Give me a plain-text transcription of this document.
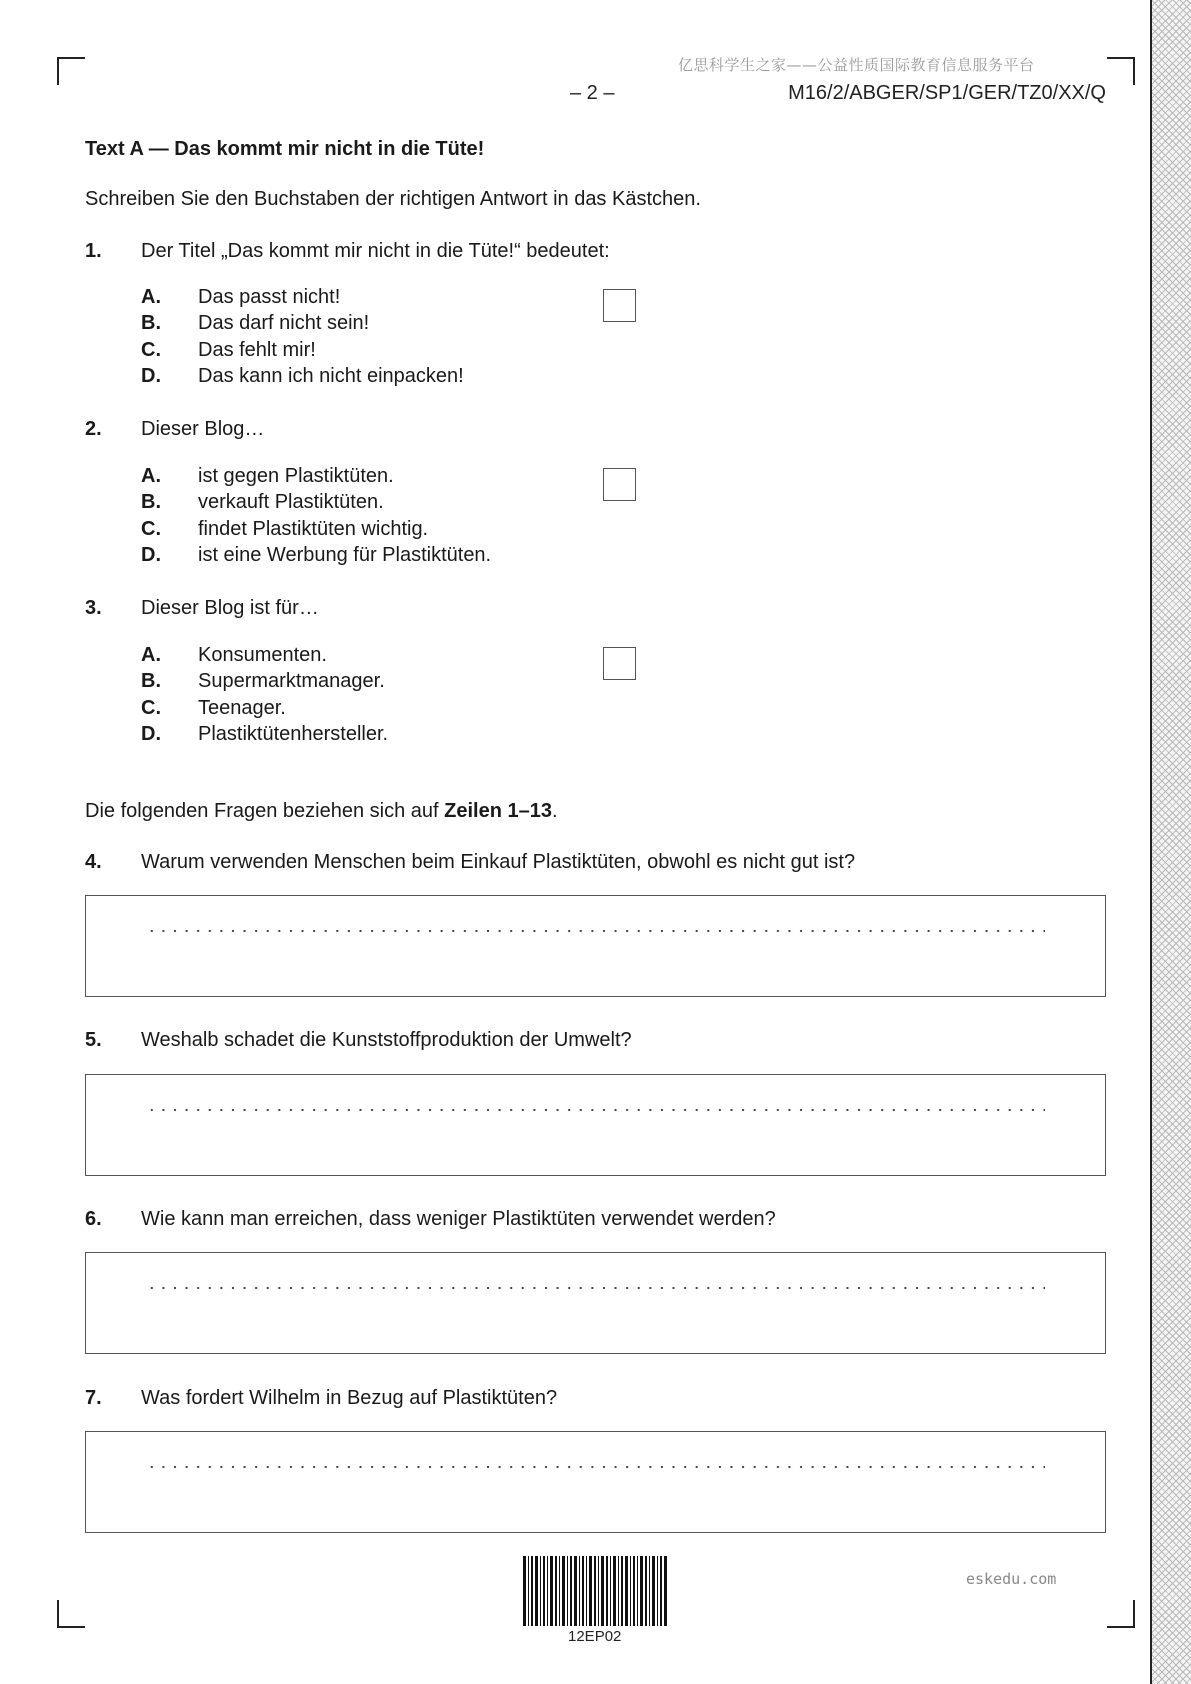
亿思科学生之家——公益性质国际教育信息服务平台
– 2 –	M16/2/ABGER/SP1/GER/TZ0/XX/Q
Text A — Das kommt mir nicht in die Tüte!
Schreiben Sie den Buchstaben der richtigen Antwort in das Kästchen.
1. Der Titel „Das kommt mir nicht in die Tüte!“ bedeutet:
A. Das passt nicht!
B. Das darf nicht sein!
C. Das fehlt mir!
D. Das kann ich nicht einpacken!
2. Dieser Blog…
A. ist gegen Plastiktüten.
B. verkauft Plastiktüten.
C. findet Plastiktüten wichtig.
D. ist eine Werbung für Plastiktüten.
3. Dieser Blog ist für…
A. Konsumenten.
B. Supermarktmanager.
C. Teenager.
D. Plastiktütenhersteller.
Die folgenden Fragen beziehen sich auf Zeilen 1–13.
4. Warum verwenden Menschen beim Einkauf Plastiktüten, obwohl es nicht gut ist?
5. Weshalb schadet die Kunststoffproduktion der Umwelt?
6. Wie kann man erreichen, dass weniger Plastiktüten verwendet werden?
7. Was fordert Wilhelm in Bezug auf Plastiktüten?
12EP02
eskedu.com
